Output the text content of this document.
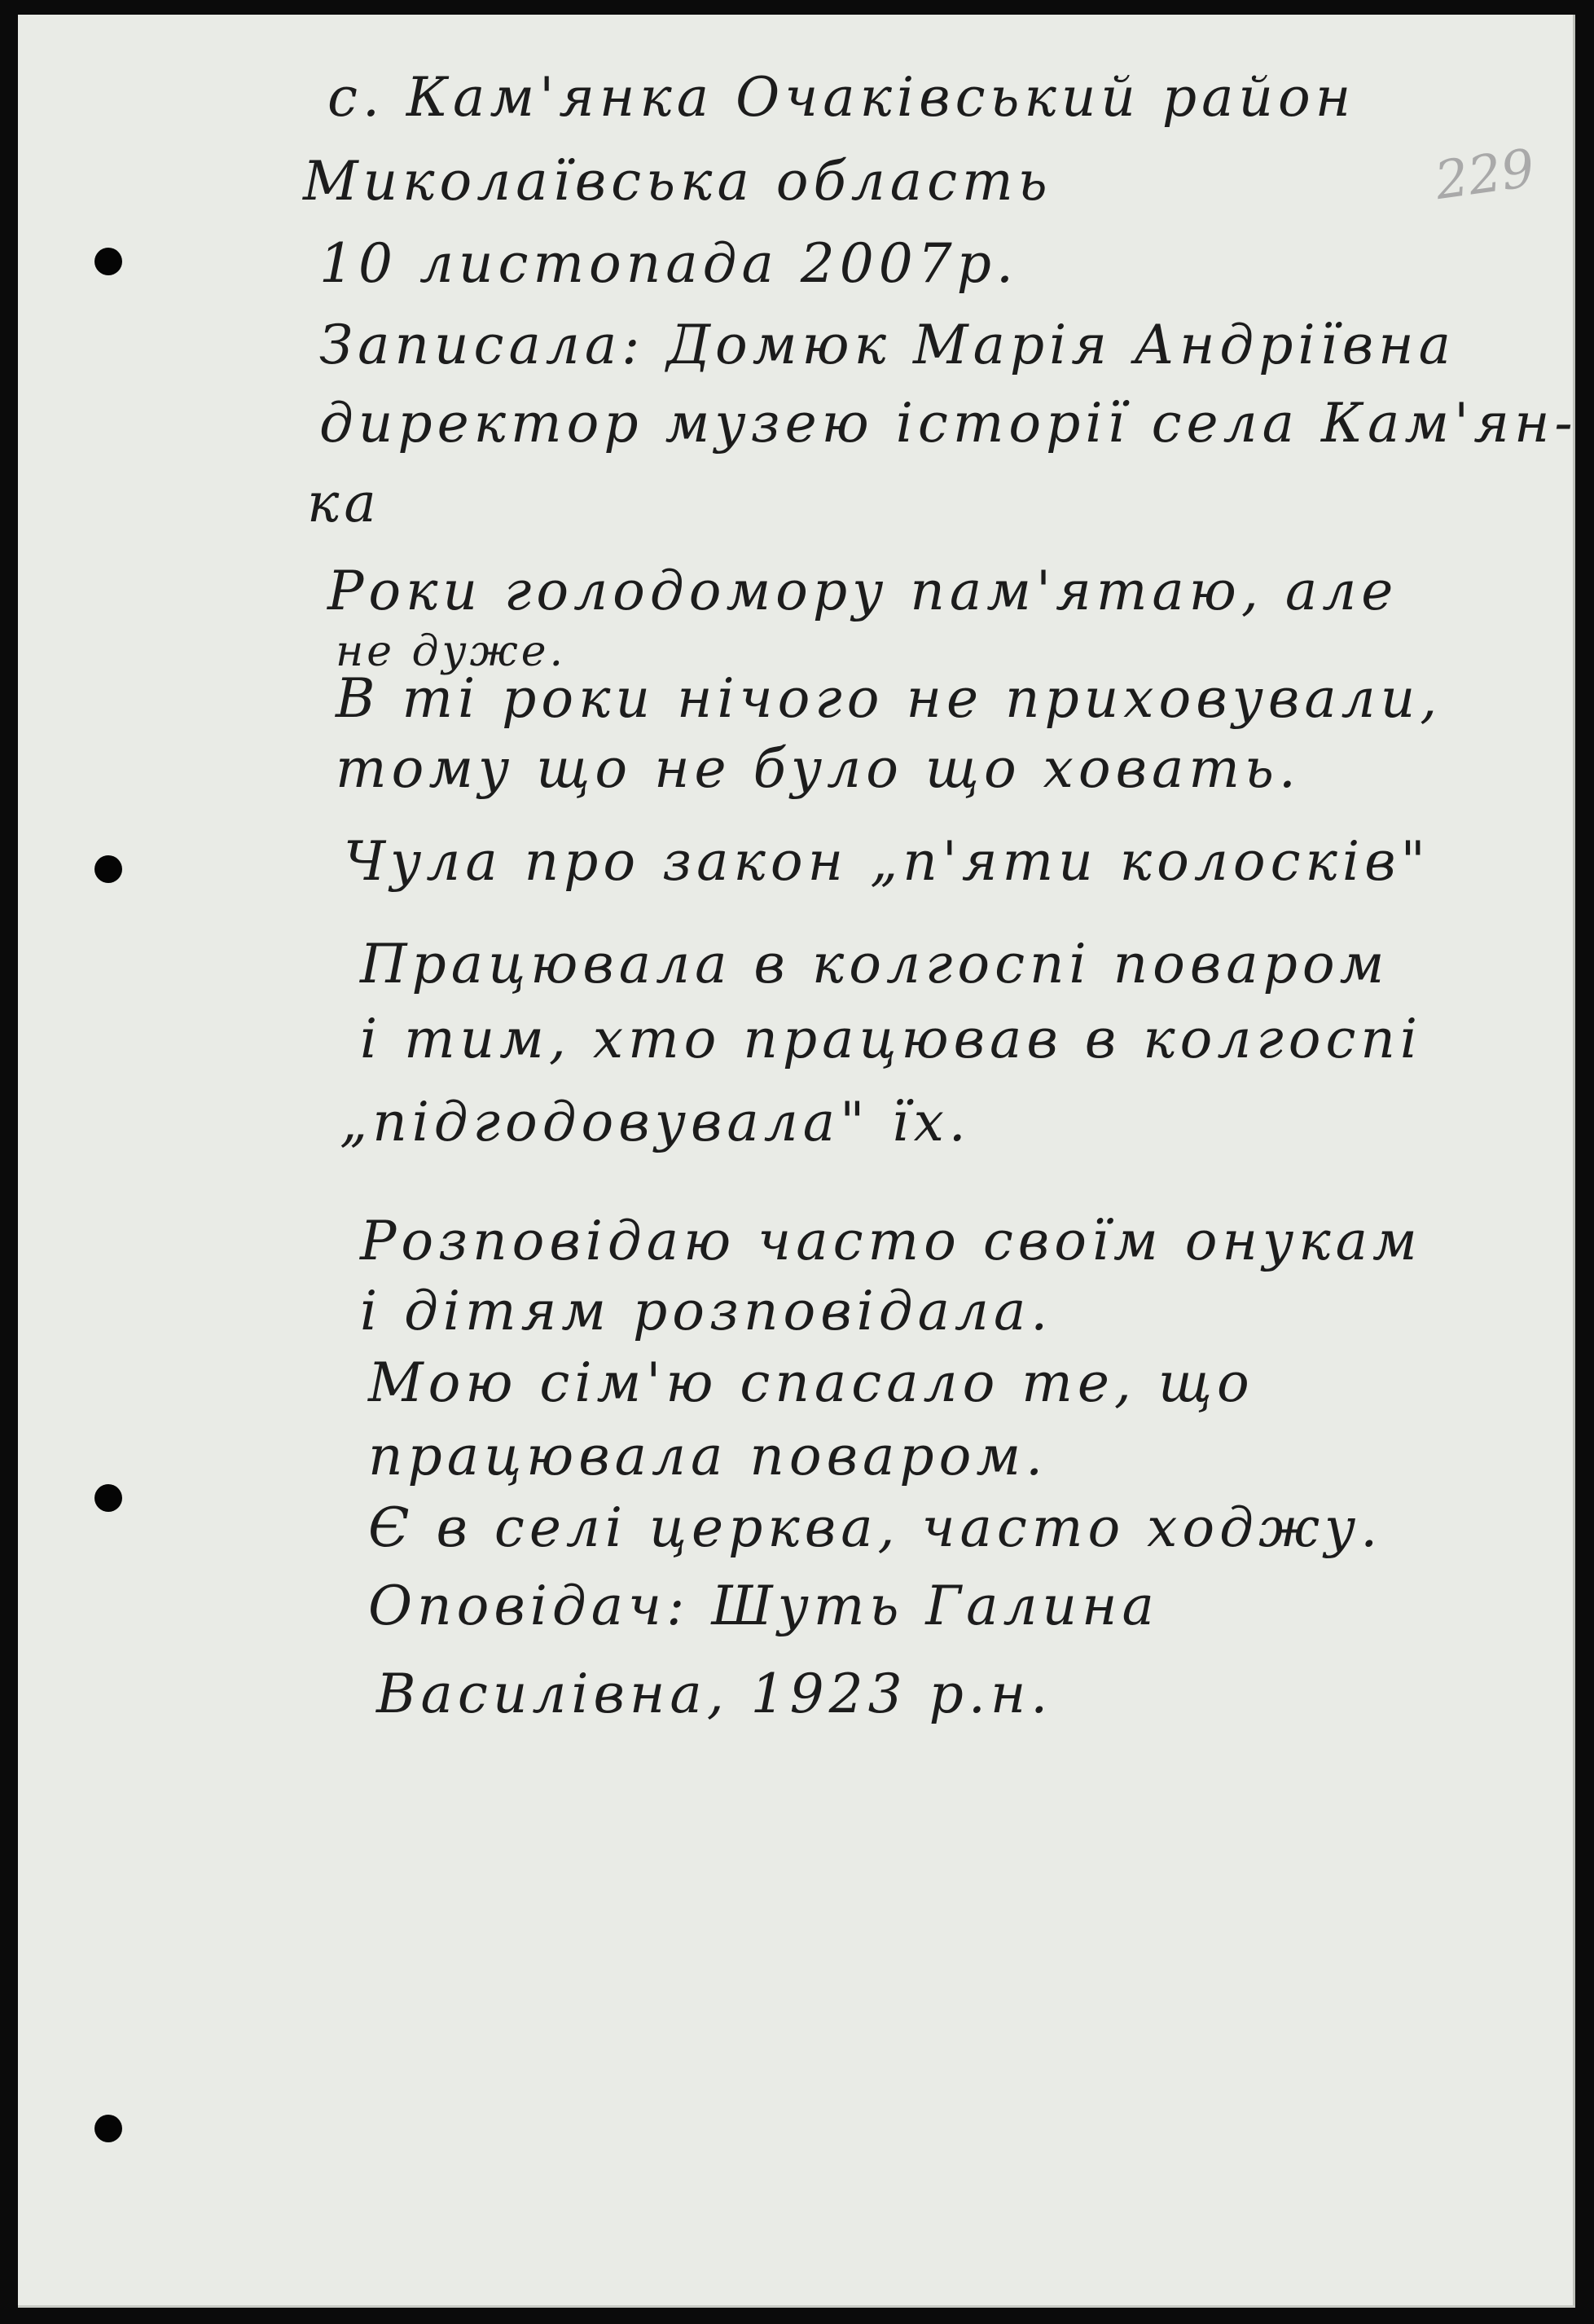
229

с. Кам'янка Очаківський район

Миколаївська область

10 листопада 2007р.

Записала: Домюк Марія Андріївна

директор музею історії села Кам'ян-

ка

Роки голодомору пам'ятаю, але

не дуже.

В ті роки нічого не приховували,

тому що не було що ховать.

Чула про закон „п'яти колосків"

Працювала в колгоспі поваром

і тим, хто працював в колгоспі

„підгодовувала" їх.

Розповідаю часто своїм онукам

і дітям розповідала.

Мою сім'ю спасало те, що

працювала поваром.

Є в селі церква, часто ходжу.

Оповідач: Шуть Галина

Василівна, 1923 р.н.
